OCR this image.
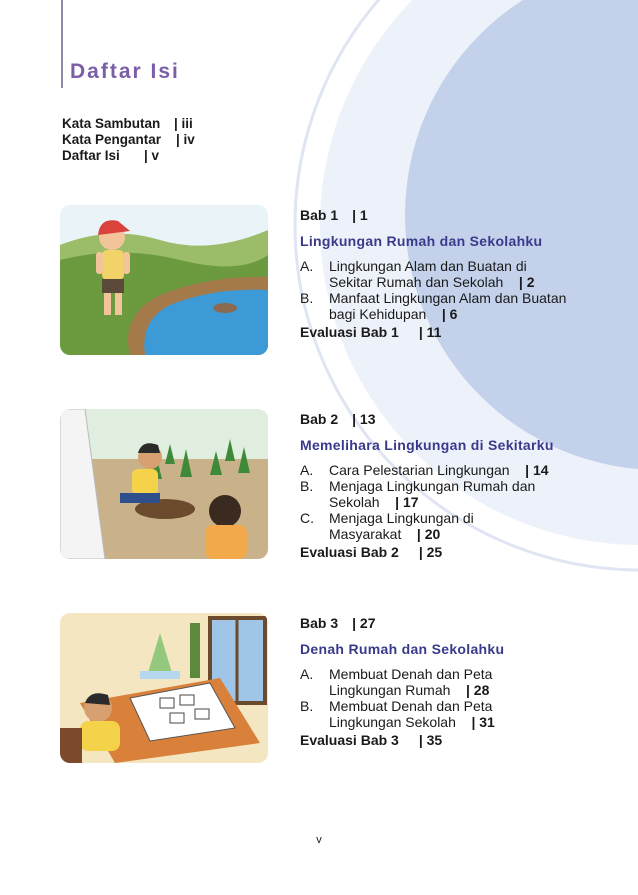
Daftar Isi
Kata Sambutan | iii
Kata Pengantar | iv
Daftar Isi | v
Bab 1 | 1
Lingkungan Rumah dan Sekolahku
A.	Lingkungan Alam dan Buatan di
Sekitar Rumah dan Sekolah | 2
B.	Manfaat Lingkungan Alam dan Buatan
bagi Kehidupan | 6
Evaluasi Bab 1 | 11
Bab 2 | 13
Memelihara Lingkungan di Sekitarku
A.	Cara Pelestarian Lingkungan | 14
B.	Menjaga Lingkungan Rumah dan
Sekolah | 17
C.	Menjaga Lingkungan di
Masyarakat | 20
Evaluasi Bab 2 | 25
Bab 3 | 27
Denah Rumah dan Sekolahku
A.	Membuat Denah dan Peta
Lingkungan Rumah | 28
B.	Membuat Denah dan Peta
Lingkungan Sekolah | 31
Evaluasi Bab 3 | 35
v
